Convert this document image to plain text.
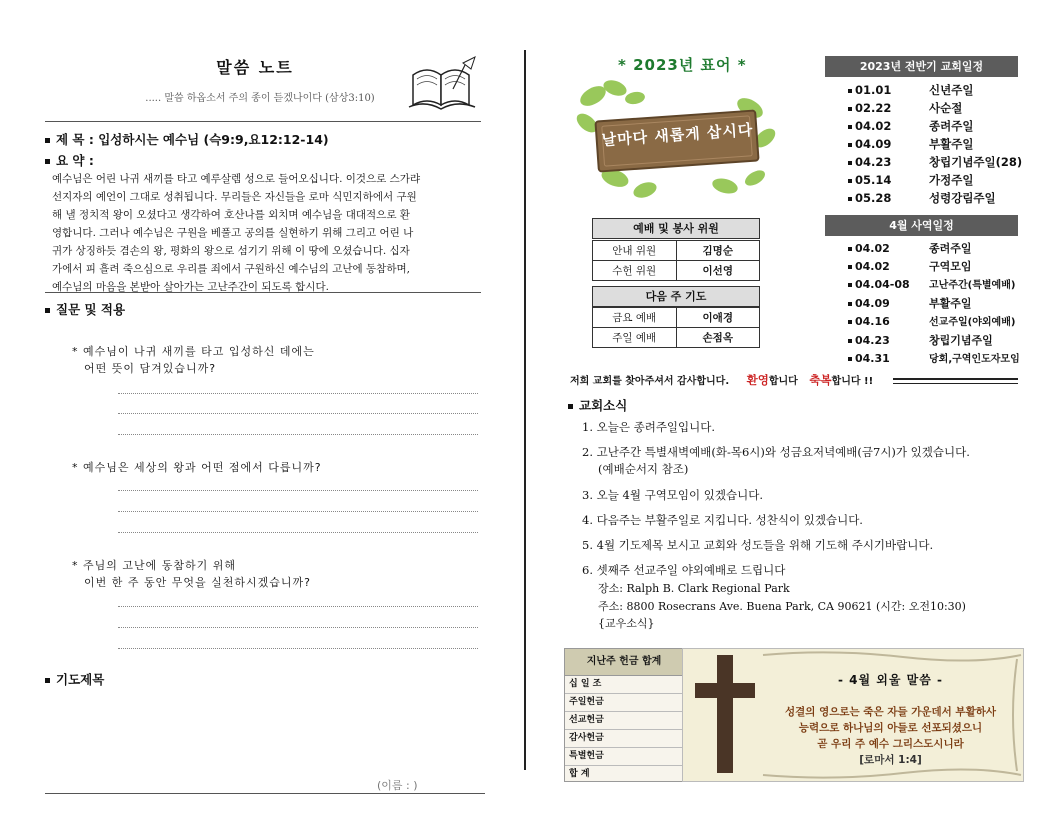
말씀 노트
..... 말씀 하옵소서 주의 종이 듣겠나이다 (삼상3:10)
제 목 : 입성하시는 예수님 (슥9:9,요12:12-14)
요 약 :
예수님은 어린 나귀 새끼를 타고 예루살렘 성으로 들어오십니다. 이것으로 스가랴
선지자의 예언이 그대로 성취됩니다. 무리들은 자신들을 로마 식민지하에서 구원
해 낼 정치적 왕이 오셨다고 생각하여 호산나를 외치며 예수님을 대대적으로 환
영합니다. 그러나 예수님은 구원을 베풀고 공의를 실현하기 위해 그리고 어린 나
귀가 상징하듯 겸손의 왕, 평화의 왕으로 섬기기 위해 이 땅에 오셨습니다. 십자
가에서 피 흘려 죽으심으로 우리를 죄에서 구원하신 예수님의 고난에 동참하며,
예수님의 마음을 본받아 살아가는 고난주간이 되도록 합시다.
질문 및 적용
* 예수님이 나귀 새끼를 타고 입성하신 데에는
어떤 뜻이 담겨있습니까?
* 예수님은 세상의 왕과 어떤 점에서 다릅니까?
* 주님의 고난에 동참하기 위해
이번 한 주 동안 무엇을 실천하시겠습니까?
기도제목
(이름 : )
* 2023년 표어 *
날마다 새롭게 삽시다
2023년 전반기 교회일정
01.01	신년주일
02.22	사순절
04.02	종려주일
04.09	부활주일
04.23	창립기념주일(28)
05.14	가정주일
05.28	성령강림주일
4월 사역일정
04.02	종려주일
04.02	구역모임
04.04-08 고난주간(특별예배)
04.09	부활주일
04.16	선교주일(야외예배)
04.23	창립기념주일
04.31	당회,구역인도자모임
예배 및 봉사 위원
안내 위원	김명순
수헌 위원	이선영
다음 주 기도
금요 예배	이애경
주일 예배	손점옥
저희 교회를 찾아주셔서 감사합니다. 환영합니다 축복합니다 !!
교회소식
1. 오늘은 종려주일입니다.
2. 고난주간 특별새벽예배(화-목6시)와 성금요저녁예배(금7시)가 있겠습니다.
(예배순서지 참조)
3. 오늘 4월 구역모임이 있겠습니다.
4. 다음주는 부활주일로 지킵니다. 성찬식이 있겠습니다.
5. 4월 기도제목 보시고 교회와 성도들을 위해 기도해 주시기바랍니다.
6. 셋째주 선교주일 야외예배로 드립니다
장소: Ralph B. Clark Regional Park
주소: 8800 Rosecrans Ave. Buena Park, CA 90621 (시간: 오전10:30)
{교우소식}
지난주 헌금 합계
십 일 조
주일헌금
선교헌금
감사헌금
특별헌금
합 계
- 4월 외울 말씀 -
성결의 영으로는 죽은 자들 가운데서 부활하사
능력으로 하나님의 아들로 선포되셨으니
곧 우리 주 예수 그리스도시니라
[로마서 1:4]
